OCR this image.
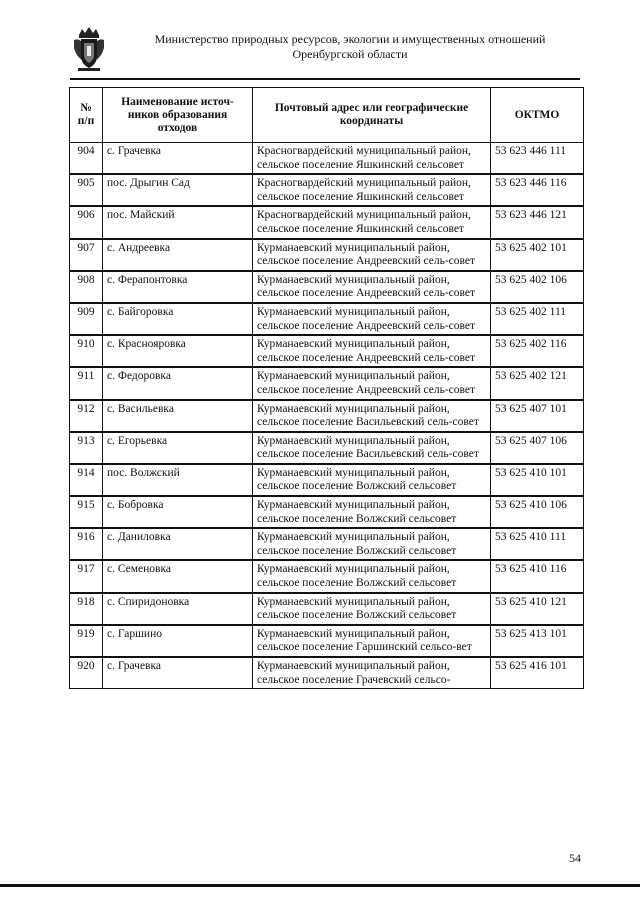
Министерство природных ресурсов, экологии и имущественных отношений
Оренбургской области
№ п/п	Наименование источ-ников образования отходов	Почтовый адрес или географические координаты	ОКТМО
904	с. Грачевка	Красногвардейский муниципальный район, сельское поселение Яшкинский сельсовет	53 623 446 111
905	пос. Дрыгин Сад	Красногвардейский муниципальный район, сельское поселение Яшкинский сельсовет	53 623 446 116
906	пос. Майский	Красногвардейский муниципальный район, сельское поселение Яшкинский сельсовет	53 623 446 121
907	с. Андреевка	Курманаевский муниципальный район, сельское поселение Андреевский сель-совет	53 625 402 101
908	с. Ферапонтовка	Курманаевский муниципальный район, сельское поселение Андреевский сель-совет	53 625 402 106
909	с. Байгоровка	Курманаевский муниципальный район, сельское поселение Андреевский сель-совет	53 625 402 111
910	с. Краснояровка	Курманаевский муниципальный район, сельское поселение Андреевский сель-совет	53 625 402 116
911	с. Федоровка	Курманаевский муниципальный район, сельское поселение Андреевский сель-совет	53 625 402 121
912	с. Васильевка	Курманаевский муниципальный район, сельское поселение Васильевский сель-совет	53 625 407 101
913	с. Егорьевка	Курманаевский муниципальный район, сельское поселение Васильевский сель-совет	53 625 407 106
914	пос. Волжский	Курманаевский муниципальный район, сельское поселение Волжский сельсовет	53 625 410 101
915	с. Бобровка	Курманаевский муниципальный район, сельское поселение Волжский сельсовет	53 625 410 106
916	с. Даниловка	Курманаевский муниципальный район, сельское поселение Волжский сельсовет	53 625 410 111
917	с. Семеновка	Курманаевский муниципальный район, сельское поселение Волжский сельсовет	53 625 410 116
918	с. Спиридоновка	Курманаевский муниципальный район, сельское поселение Волжский сельсовет	53 625 410 121
919	с. Гаршино	Курманаевский муниципальный район, сельское поселение Гаршинский сельсо-вет	53 625 413 101
920	с. Грачевка	Курманаевский муниципальный район, сельское поселение Грачевский сельсо-	53 625 416 101
54
